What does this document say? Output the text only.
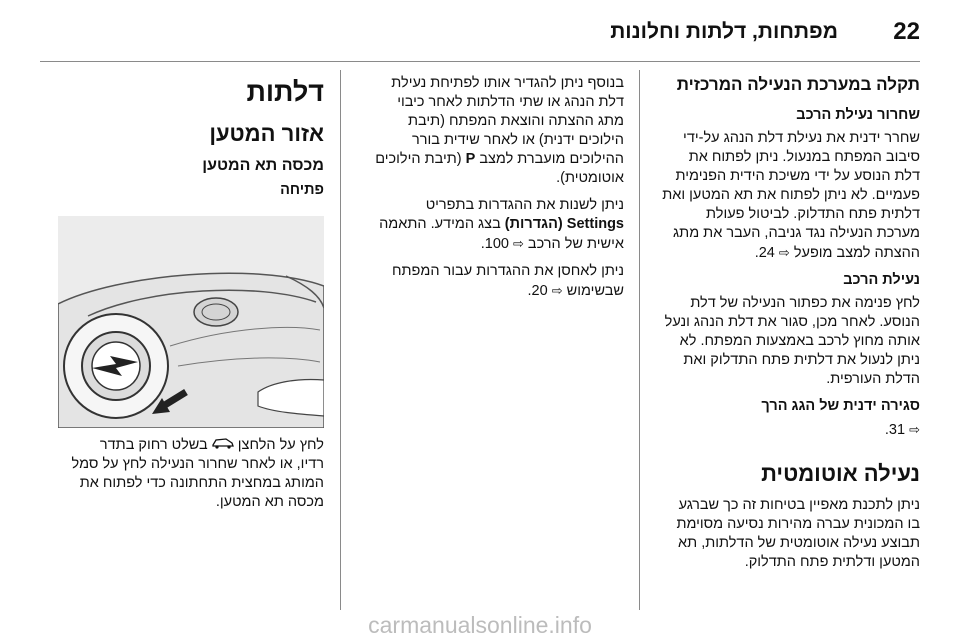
22
מפתחות, דלתות וחלונות
תקלה במערכת הנעילה המרכזית
שחרור נעילת הרכב

שחרר ידנית את נעילת דלת הנהג על-ידי
סיבוב המפתח במנעול. ניתן לפתוח את
דלת הנוסע על ידי משיכת הידית הפנימית
פעמיים. לא ניתן לפתוח את תא המטען ואת
דלתית פתח התדלוק. לביטול פעולת
מערכת הנעילה נגד גניבה, העבר את מתג
ההצתה למצב מופעל ⇨ 24.

נעילת הרכב

לחץ פנימה את כפתור הנעילה של דלת
הנוסע. לאחר מכן, סגור את דלת הנהג ונעל
אותה מחוץ לרכב באמצעות המפתח. לא
ניתן לנעול את דלתית פתח התדלוק ואת
הדלת העורפית.

סגירה ידנית של הגג הרך

⇨ 31.

נעילה אוטומטית

ניתן לתכנת מאפיין בטיחות זה כך שברגע
בו המכונית עברה מהירות נסיעה מסוימת
תבוצע נעילה אוטומטית של הדלתות, תא
המטען ודלתית פתח התדלוק.

בנוסף ניתן להגדיר אותו לפתיחת נעילת
דלת הנהג או שתי הדלתות לאחר כיבוי
מתג ההצתה והוצאת המפתח (תיבת
הילוכים ידנית) או לאחר שידית בורר
ההילוכים מועברת למצב P (תיבת הילוכים
אוטומטית).

ניתן לשנות את ההגדרות בתפריט
Settings (הגדרות) בצג המידע. התאמה
אישית של הרכב ⇨ 100.

ניתן לאחסן את ההגדרות עבור המפתח
שבשימוש ⇨ 20.

דלתות
אזור המטען
מכסה תא המטען
פתיחה

לחץ על הלחצן  בשלט רחוק בתדר
רדיו, או לאחר שחרור הנעילה לחץ על סמל
המותג במחצית התחתונה כדי לפתוח את
מכסה תא המטען.

carmanualsonline.info
